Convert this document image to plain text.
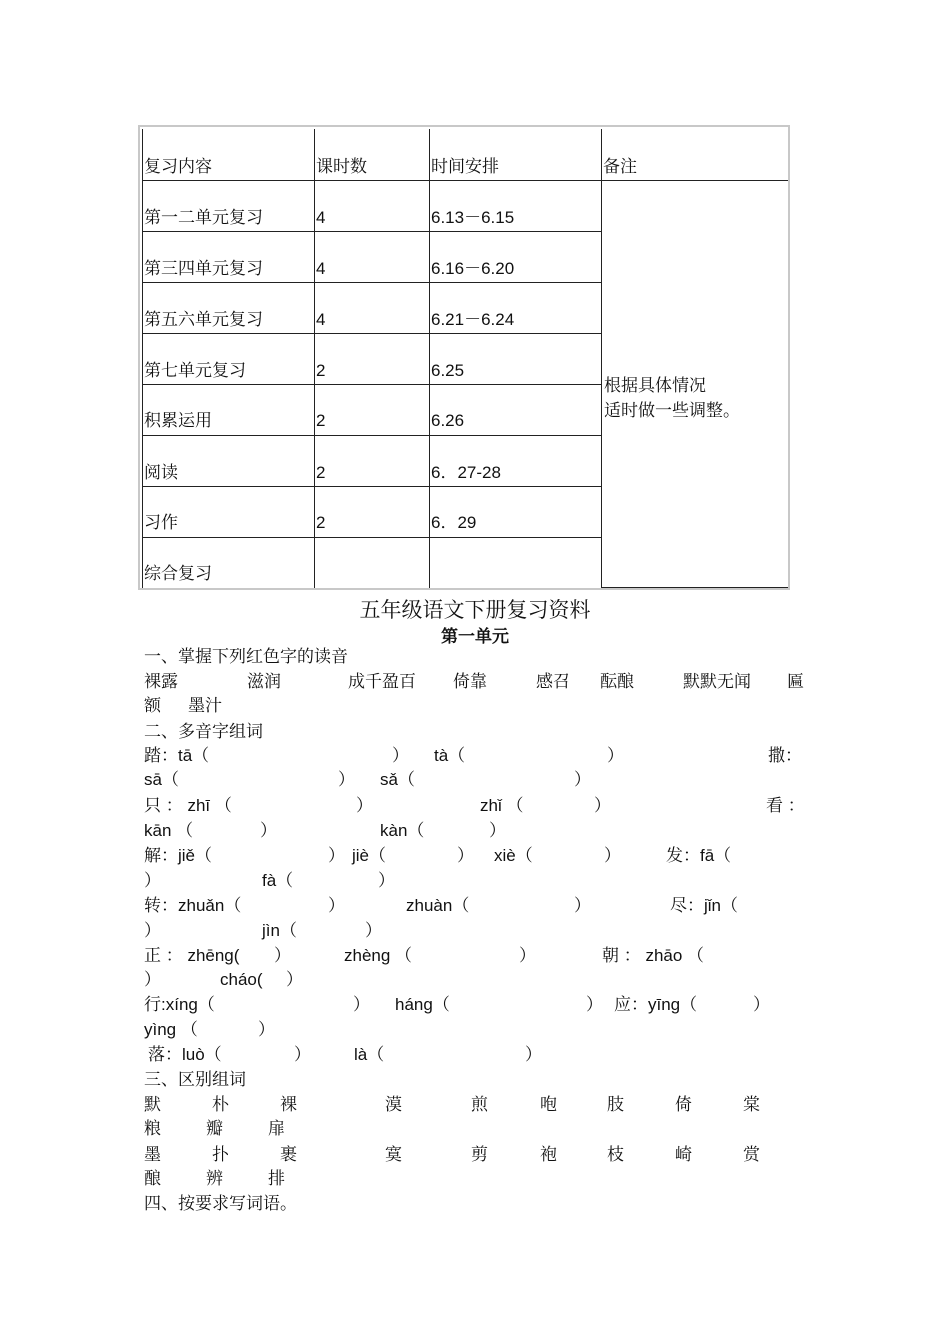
复习内容	课时数	时间安排	备注
第一二单元复习	4	6.13－6.15
第三四单元复习	4	6.16－6.20
第五六单元复习	4	6.21－6.24
第七单元复习	2	6.25
积累运用	2	6.26
阅读	2	6．27-28
习作	2	6．29
综合复习
根据具体情况
适时做一些调整。
五年级语文下册复习资料
第一单元
一、掌握下列红色字的读音
裸露	滋润	成千盈百 倚靠	感召 酝酿	默默无闻 匾
额 墨汁
二、多音字组词
踏：tā（	） tà（	）	撒：
sā（	） sǎ（	）
只 ： zhī （	）	zhǐ （	）	看 ：
kān （	）	kàn（	）
解：jiě（	） jiè（	） xiè（	）	发：fā（
）	fà（	）
转：zhuǎn（	）	zhuàn（	）	尽：jǐn（
）	jìn（	）
正 ： zhēng( ）	zhèng （	）	朝 ： zhāo （
）	cháo( ）
行:xíng（	） háng（	） 应：yīng（	）
yìng （	）
落：luò（	）	là（	）
三、区别组词
默	朴	裸	漠	煎	咆	肢	倚	棠
粮	瓣	扉
墨	扑	裹	寞	剪	袍	枝	崎	赏
酿	辨	排
四、按要求写词语。
